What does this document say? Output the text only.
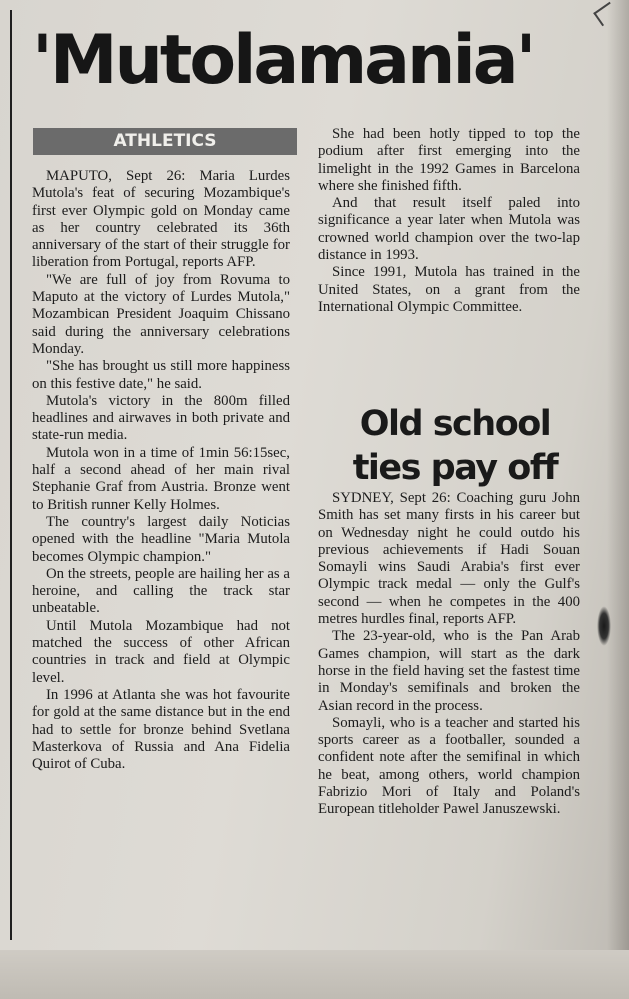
'Mutolamania'
ATHLETICS

MAPUTO, Sept 26: Maria Lurdes Mutola's feat of securing Mozambique's first ever Olympic gold on Monday came as her country celebrated its 36th anniversary of the start of their struggle for liberation from Portugal, reports AFP.

"We are full of joy from Rovuma to Maputo at the victory of Lurdes Mutola," Mozambican President Joaquim Chissano said during the anniversary celebrations Monday.

"She has brought us still more happiness on this festive date," he said.

Mutola's victory in the 800m filled headlines and airwaves in both private and state-run media.

Mutola won in a time of 1min 56:15sec, half a second ahead of her main rival Stephanie Graf from Austria. Bronze went to British runner Kelly Holmes.

The country's largest daily Noticias opened with the headline "Maria Mutola becomes Olympic champion."

On the streets, people are hailing her as a heroine, and calling the track star unbeatable.

Until Mutola Mozambique had not matched the success of other African countries in track and field at Olympic level.

In 1996 at Atlanta she was hot favourite for gold at the same distance but in the end had to settle for bronze behind Svetlana Masterkova of Russia and Ana Fidelia Quirot of Cuba.

She had been hotly tipped to top the podium after first emerging into the limelight in the 1992 Games in Barcelona where she finished fifth.

And that result itself paled into significance a year later when Mutola was crowned world champion over the two-lap distance in 1993.

Since 1991, Mutola has trained in the United States, on a grant from the International Olympic Committee.

Old school
ties pay off

SYDNEY, Sept 26: Coaching guru John Smith has set many firsts in his career but on Wednesday night he could outdo his previous achievements if Hadi Souan Somayli wins Saudi Arabia's first ever Olympic track medal — only the Gulf's second — when he competes in the 400 metres hurdles final, reports AFP.

The 23-year-old, who is the Pan Arab Games champion, will start as the dark horse in the field having set the fastest time in Monday's semifinals and broken the Asian record in the process.

Somayli, who is a teacher and started his sports career as a footballer, sounded a confident note after the semifinal in which he beat, among others, world champion Fabrizio Mori of Italy and Poland's European titleholder Pawel Januszewski.
